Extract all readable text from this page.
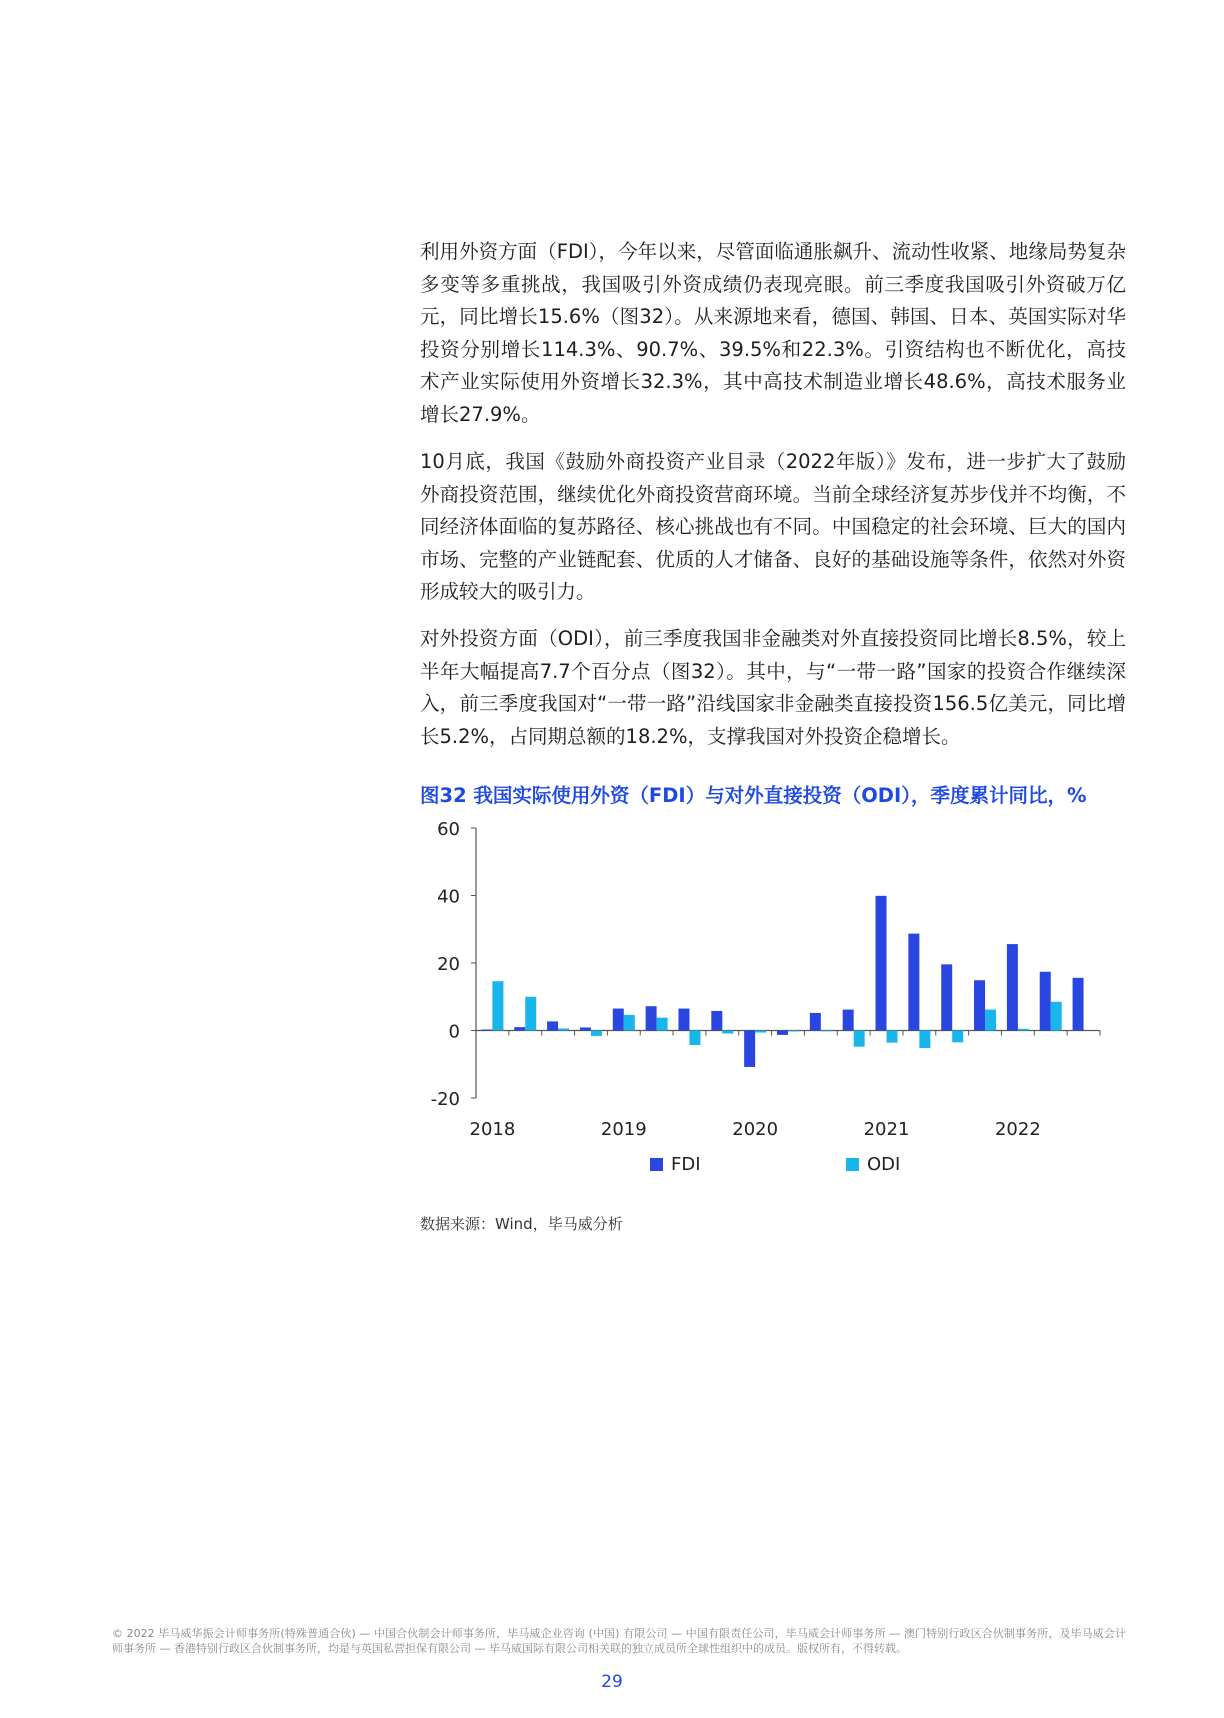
利用外资方面（FDI），今年以来，尽管面临通胀飙升、流动性收紧、地缘局势复杂多变等多重挑战，我国吸引外资成绩仍表现亮眼。前三季度我国吸引外资破万亿元，同比增长15.6%（图32）。从来源地来看，德国、韩国、日本、英国实际对华投资分别增长114.3%、90.7%、39.5%和22.3%。引资结构也不断优化，高技术产业实际使用外资增长32.3%，其中高技术制造业增长48.6%，高技术服务业增长27.9%。

10月底，我国《鼓励外商投资产业目录（2022年版）》发布，进一步扩大了鼓励外商投资范围，继续优化外商投资营商环境。当前全球经济复苏步伐并不均衡，不同经济体面临的复苏路径、核心挑战也有不同。中国稳定的社会环境、巨大的国内市场、完整的产业链配套、优质的人才储备、良好的基础设施等条件，依然对外资形成较大的吸引力。

对外投资方面（ODI），前三季度我国非金融类对外直接投资同比增长8.5%，较上半年大幅提高7.7个百分点（图32）。其中，与“一带一路”国家的投资合作继续深入，前三季度我国对“一带一路”沿线国家非金融类直接投资156.5亿美元，同比增长5.2%，占同期总额的18.2%，支撑我国对外投资企稳增长。

图32 我国实际使用外资（FDI）与对外直接投资（ODI），季度累计同比，%

60
40
20
0
-20
2018	2019	2020	2021	2022
FDI	ODI
数据来源：Wind，毕马威分析
© 2022 毕马威华振会计师事务所(特殊普通合伙) — 中国合伙制会计师事务所，毕马威企业咨询 (中国) 有限公司 — 中国有限责任公司，毕马威会计师事务所 — 澳门特别行政区合伙制事务所，及毕马威会计师事务所 — 香港特别行政区合伙制事务所，均是与英国私营担保有限公司 — 毕马威国际有限公司相关联的独立成员所全球性组织中的成员。版权所有，不得转载。
29
